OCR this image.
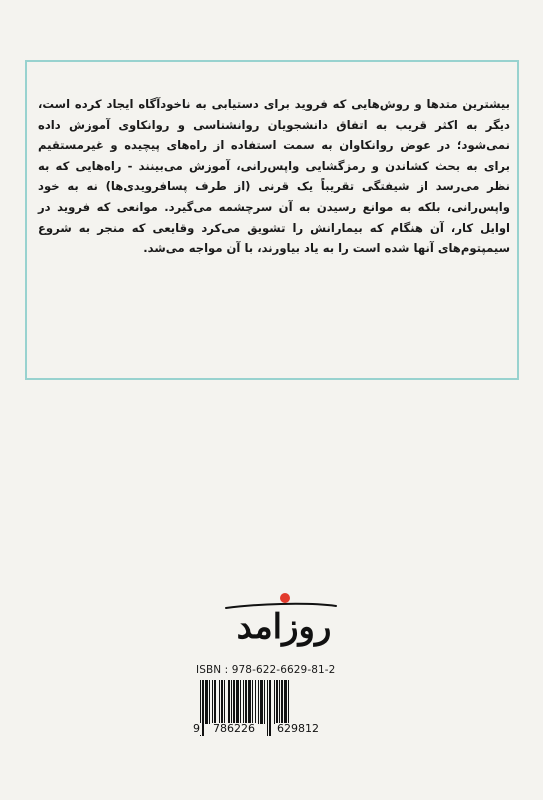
بیشترین متدها و روش‌هایی که فروید برای دستیابی به ناخودآگاه ایجاد کرده است، دیگر به اکثر قریب به اتفاق دانشجویان روانشناسی و روانکاوی آموزش داده نمی‌شود؛ در عوض روانکاوان به سمت استفاده از راه‌های پیچیده و غیرمستقیم برای به بحث کشاندن و رمزگشایی واپس‌رانی، آموزش می‌بینند - راه‌هایی که به نظر می‌رسد از شیفتگی تقریباً یک قرنی (از طرف پسافرویدی‌ها) نه به خود واپس‌رانی، بلکه به موانع رسیدن به آن سرچشمه می‌گیرد. موانعی که فروید در اوایل کار، آن هنگام که بیمارانش را تشویق می‌کرد وقایعی که منجر به شروع سیمپتوم‌های آنها شده است را به یاد بیاورند، با آن مواجه می‌شد.

روزامد
ISBN : 978-622-6629-81-2
9 786226 629812
